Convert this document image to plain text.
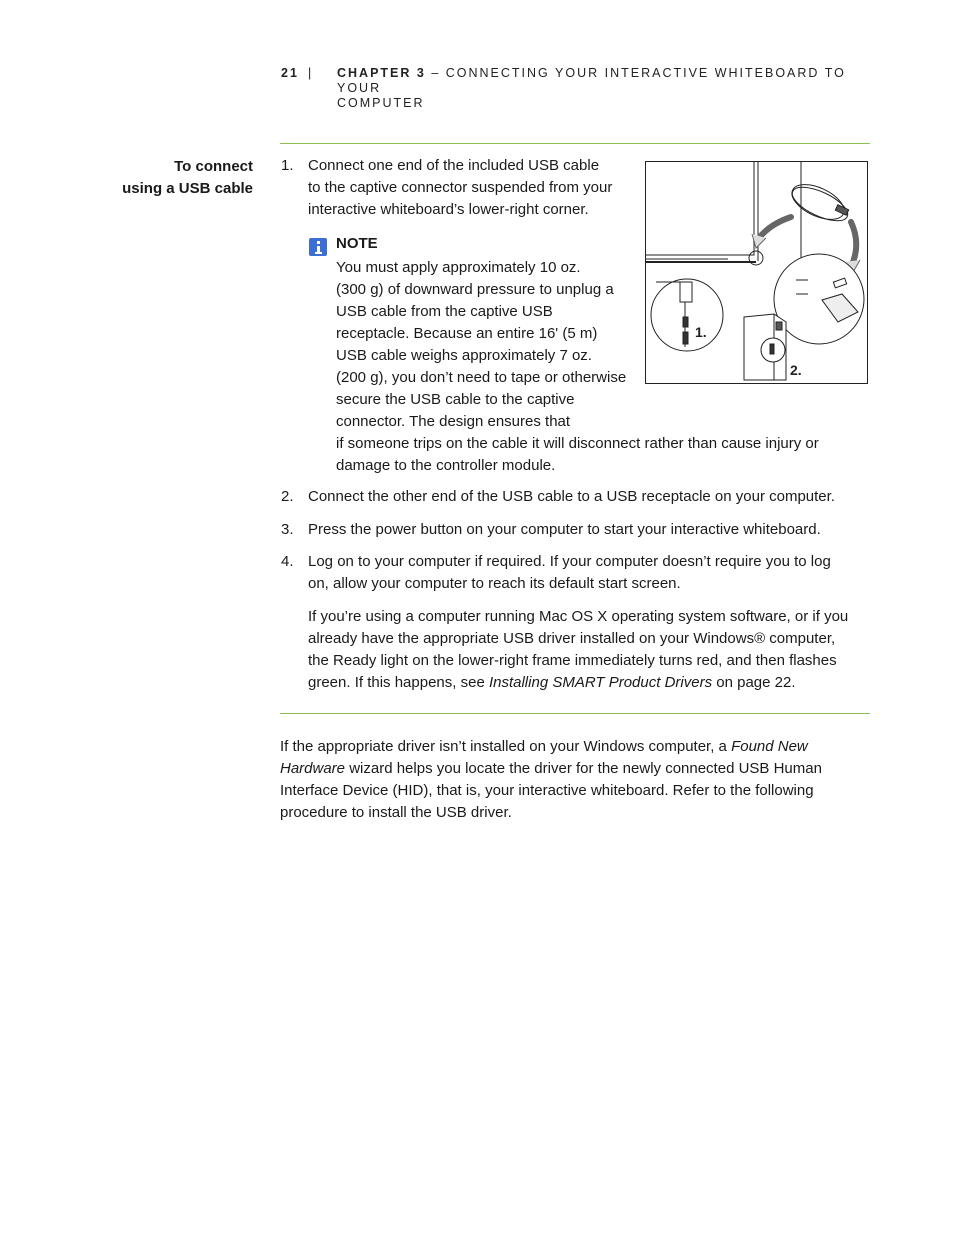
21 | CHAPTER 3 – CONNECTING YOUR INTERACTIVE WHITEBOARD TO YOUR
COMPUTER
To connect
using a USB cable
1. Connect one end of the included USB cable
to the captive connector suspended from your
interactive whiteboard’s lower-right corner.
NOTE
You must apply approximately 10 oz.
(300 g) of downward pressure to unplug a
USB cable from the captive USB
receptacle. Because an entire 16' (5 m)
USB cable weighs approximately 7 oz.
(200 g), you don’t need to tape or otherwise
secure the USB cable to the captive
connector. The design ensures that
if someone trips on the cable it will disconnect rather than cause injury or
damage to the controller module.
1.
2.
2. Connect the other end of the USB cable to a USB receptacle on your computer.
3. Press the power button on your computer to start your interactive whiteboard.
4. Log on to your computer if required. If your computer doesn’t require you to log
on, allow your computer to reach its default start screen.
If you’re using a computer running Mac OS X operating system software, or if you
already have the appropriate USB driver installed on your Windows® computer,
the Ready light on the lower-right frame immediately turns red, and then flashes
green. If this happens, see Installing SMART Product Drivers on page 22.
If the appropriate driver isn’t installed on your Windows computer, a Found New
Hardware wizard helps you locate the driver for the newly connected USB Human
Interface Device (HID), that is, your interactive whiteboard. Refer to the following
procedure to install the USB driver.
